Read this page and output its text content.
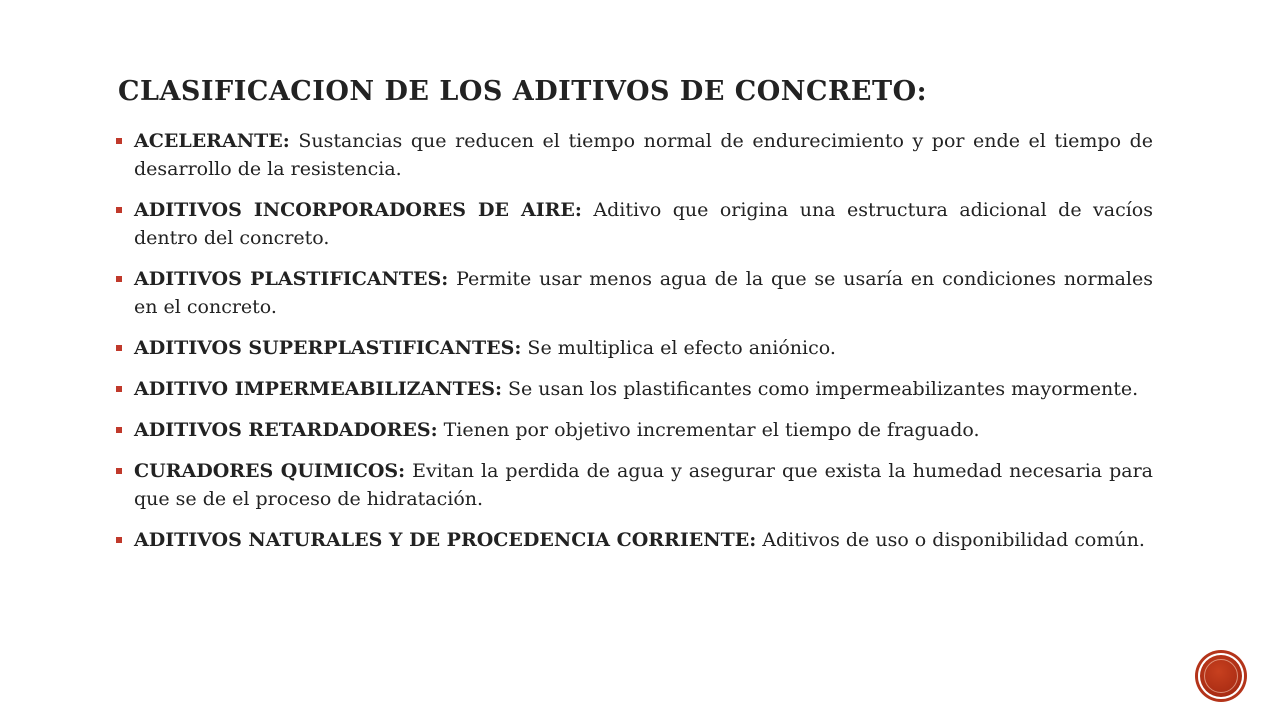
CLASIFICACION DE LOS ADITIVOS DE CONCRETO:
ACELERANTE: Sustancias que reducen el tiempo normal de endurecimiento y por ende el tiempo de desarrollo de la resistencia.
ADITIVOS INCORPORADORES DE AIRE: Aditivo que origina una estructura adicional de vacíos dentro del concreto.
ADITIVOS PLASTIFICANTES: Permite usar menos agua de la que se usaría en condiciones normales en el concreto.
ADITIVOS SUPERPLASTIFICANTES: Se multiplica el efecto aniónico.
ADITIVO IMPERMEABILIZANTES: Se usan los plastificantes como impermeabilizantes mayormente.
ADITIVOS RETARDADORES: Tienen por objetivo incrementar el tiempo de fraguado.
CURADORES QUIMICOS: Evitan la perdida de agua y asegurar que exista la humedad necesaria para que se de el proceso de hidratación.
ADITIVOS NATURALES Y DE PROCEDENCIA CORRIENTE: Aditivos de uso o disponibilidad común.
